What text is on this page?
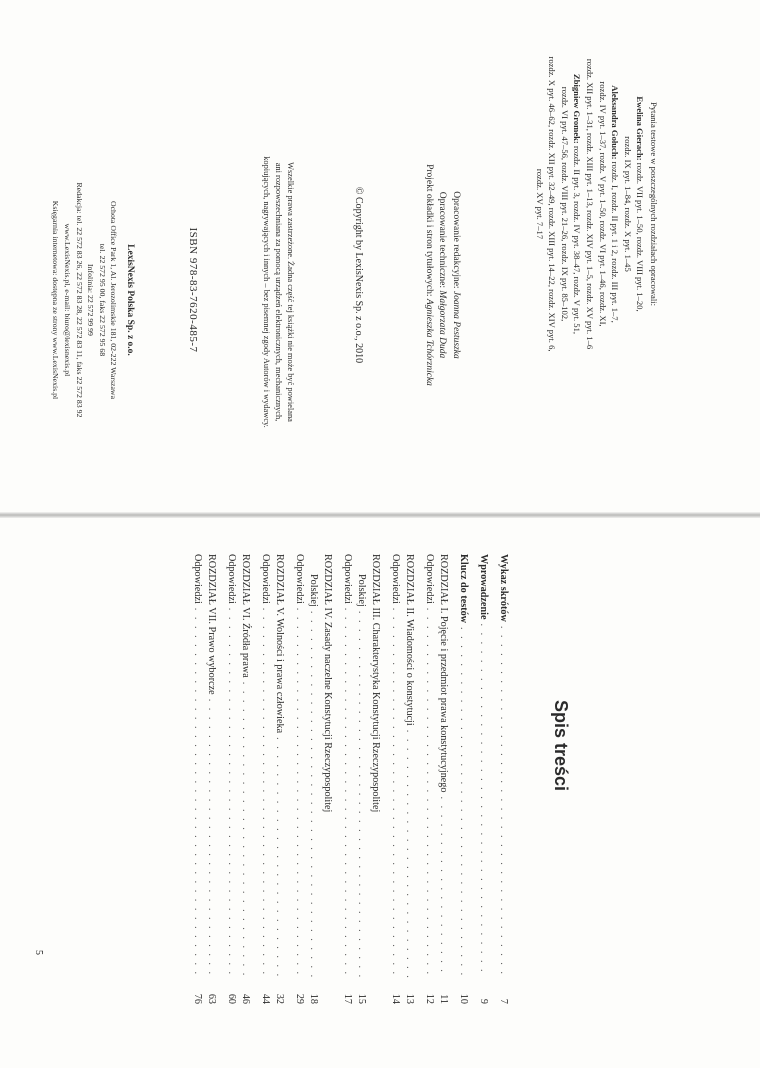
Pytania testowe w poszczególnych rozdziałach opracowali:

Ewelina Gierach: rozdz. VII pyt. 1–50, rozdz. VIII pyt. 1–20,

rozdz. IX pyt. 1–84, rozdz. X pyt. 1–45

Aleksandra Gołuch: rozdz. I, rozdz. II pyt. 1 i 2, rozdz. III pyt. 1–7,

rozdz. IV pyt. 1–37, rozdz. V pyt. 1–50, rozdz. VI pyt. 1–46, rozdz. XI,

rozdz. XII pyt. 1–31, rozdz. XIII pyt. 1–13, rozdz. XIV pyt. 1–5, rozdz. XV pyt. 1–6

Zbigniew Gromek: rozdz. II pyt. 3, rozdz. IV pyt. 38–47, rozdz. V pyt. 51,

rozdz. VI pyt. 47–56, rozdz. VIII pyt. 21–26, rozdz. IX pyt. 85–102,

rozdz. X pyt. 46–62, rozdz. XII pyt. 32–49, rozdz. XIII pyt. 14–22, rozdz. XIV pyt. 6,

rozdz. XV pyt. 7–17

Opracowanie redakcyjne: Joanna Pestuszka

Opracowanie techniczne: Małgorzata Duda

Projekt okładki i stron tytułowych: Agnieszka Tchórznicka

© Copyright by LexisNexis Sp. z o.o., 2010

Wszelkie prawa zastrzeżone. Żadna część tej książki nie może być powielana

ani rozpowszechniana za pomocą urządzeń elektronicznych, mechanicznych,

kopiujących, nagrywających i innych – bez pisemnej zgody Autorów i wydawcy.

ISBN 978-83-7620-485-7

LexisNexis Polska Sp. z o.o.

Ochota Office Park 1, Al. Jerozolimskie 181, 02-222 Warszawa

tel. 22 572 95 00, faks 22 572 95 68

Infolinia: 22 572 99 99

Redakcja: tel. 22 572 83 26, 22 572 83 28, 22 572 83 11, faks 22 572 83 92

www.LexisNexis.pl, e-mail: biuro@lexisnexis.pl

Księgarnia internetowa: dostępna ze strony www.LexisNexis.pl

Spis treści
Wykaz skrótów
. . .
7
Wprowadzenie
. . .
9
Klucz do testów
. . .
10
ROZDZIAŁ I. Pojęcie i przedmiot prawa konstytucyjnego
. . .
11
Odpowiedzi
. . .
12
ROZDZIAŁ II. Wiadomości o konstytucji
. . .
13
Odpowiedzi
. . .
14
ROZDZIAŁ III. Charakterystyka Konstytucji Rzeczypospolitej
Polskiej
. . .
15
Odpowiedzi
. . .
17
ROZDZIAŁ IV. Zasady naczelne Konstytucji Rzeczypospolitej
Polskiej
. . .
18
Odpowiedzi
. . .
29
ROZDZIAŁ V. Wolności i prawa człowieka
. . .
32
Odpowiedzi
. . .
44
ROZDZIAŁ VI. Źródła prawa
. . .
46
Odpowiedzi
. . .
60
ROZDZIAŁ VII. Prawo wyborcze
. . .
63
Odpowiedzi
. . .
76
5
